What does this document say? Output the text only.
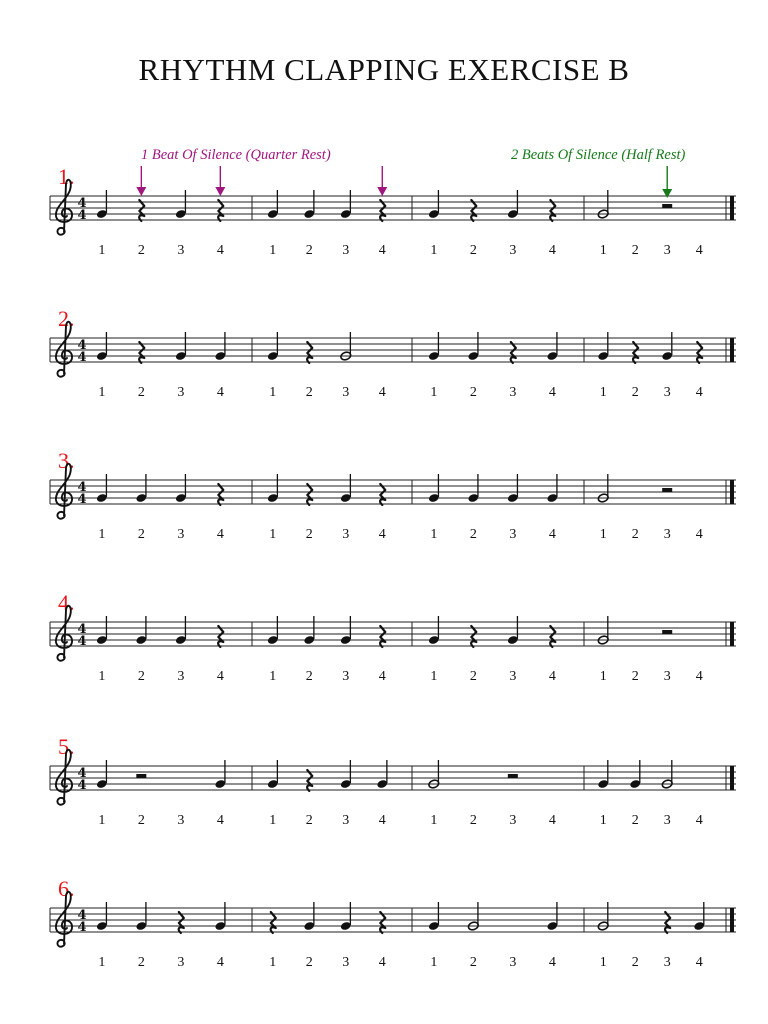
RHYTHM CLAPPING EXERCISE B
1.
4
4
1 2 3 4	1 2 3 4	1 2 3 4	1 2 3 4
2.
4
4
1 2 3 4	1 2 3 4	1 2 3 4	1 2 3 4
3.
4
4
1 2 3 4	1 2 3 4	1 2 3 4	1 2 3 4
4.
4
4
1 2 3 4	1 2 3 4	1 2 3 4	1 2 3 4
5.
4
4
1 2 3 4	1 2 3 4	1 2 3 4	1 2 3 4
6.
4
4
1 2 3 4	1 2 3 4	1 2 3 4	1 2 3 4
1 Beat Of Silence (Quarter Rest)	2 Beats Of Silence (Half Rest)
